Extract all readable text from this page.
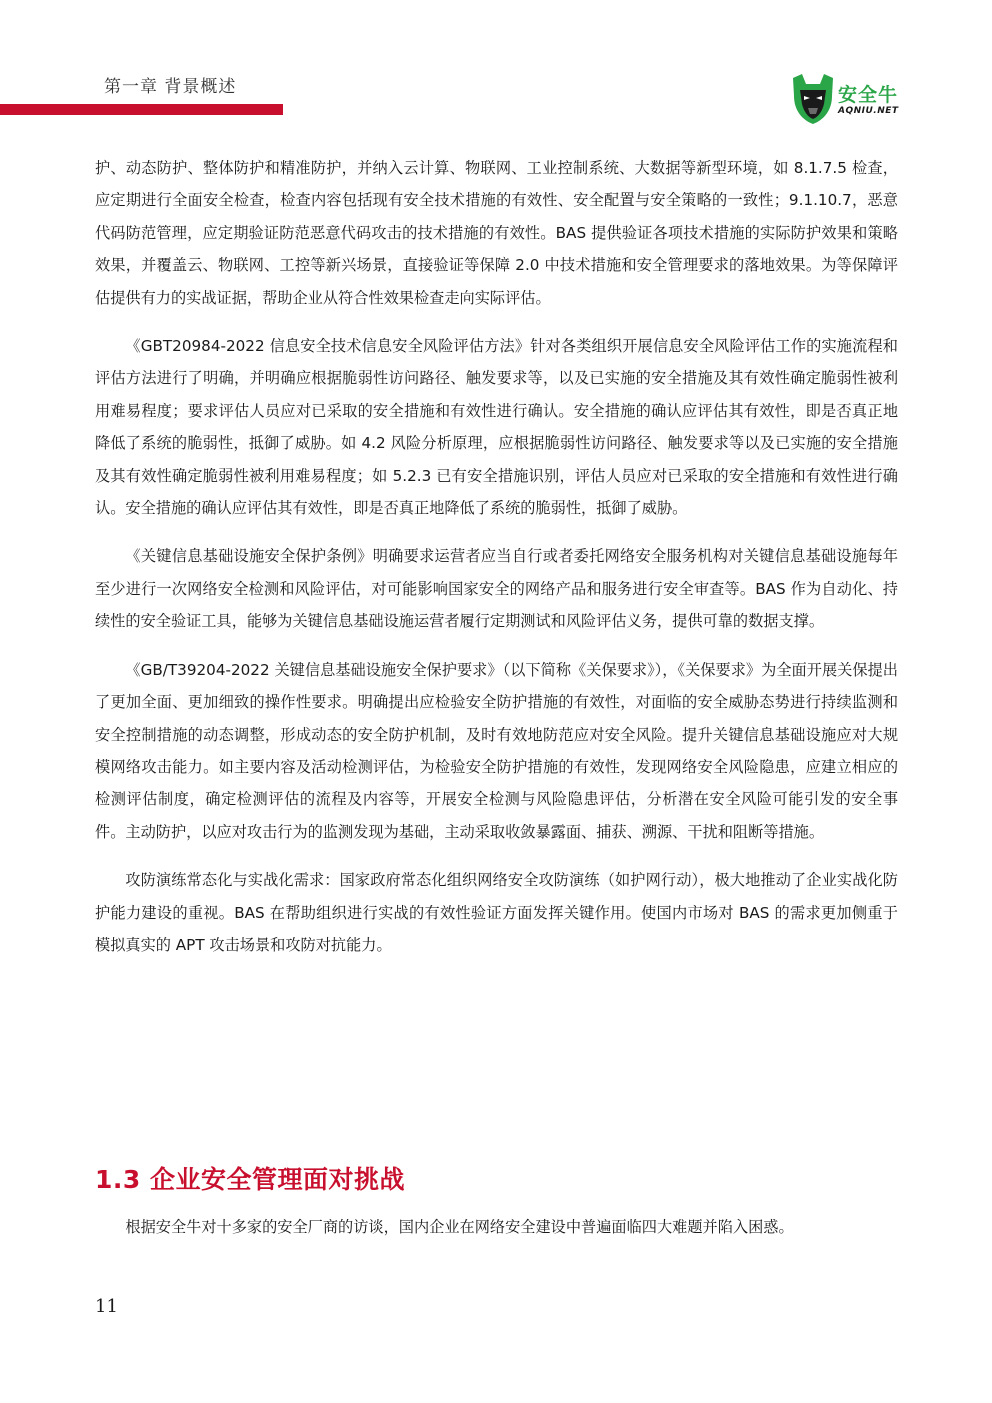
第一章 背景概述	安全牛
AQNIU.NET

护、动态防护、整体防护和精准防护，并纳入云计算、物联网、工业控制系统、大数据等新型环境，如 8.1.7.5 检查，应定期进行全面安全检查，检查内容包括现有安全技术措施的有效性、安全配置与安全策略的一致性；9.1.10.7，恶意代码防范管理，应定期验证防范恶意代码攻击的技术措施的有效性。BAS 提供验证各项技术措施的实际防护效果和策略效果，并覆盖云、物联网、工控等新兴场景，直接验证等保障 2.0 中技术措施和安全管理要求的落地效果。为等保障评估提供有力的实战证据，帮助企业从符合性效果检查走向实际评估。

《GBT20984-2022 信息安全技术信息安全风险评估方法》针对各类组织开展信息安全风险评估工作的实施流程和评估方法进行了明确，并明确应根据脆弱性访问路径、触发要求等，以及已实施的安全措施及其有效性确定脆弱性被利用难易程度；要求评估人员应对已采取的安全措施和有效性进行确认。安全措施的确认应评估其有效性，即是否真正地降低了系统的脆弱性，抵御了威胁。如 4.2 风险分析原理，应根据脆弱性访问路径、触发要求等以及已实施的安全措施及其有效性确定脆弱性被利用难易程度；如 5.2.3 已有安全措施识别，评估人员应对已采取的安全措施和有效性进行确认。安全措施的确认应评估其有效性，即是否真正地降低了系统的脆弱性，抵御了威胁。

《关键信息基础设施安全保护条例》明确要求运营者应当自行或者委托网络安全服务机构对关键信息基础设施每年至少进行一次网络安全检测和风险评估，对可能影响国家安全的网络产品和服务进行安全审查等。BAS 作为自动化、持续性的安全验证工具，能够为关键信息基础设施运营者履行定期测试和风险评估义务，提供可靠的数据支撑。

《GB/T39204-2022 关键信息基础设施安全保护要求》（以下简称《关保要求》），《关保要求》为全面开展关保提出了更加全面、更加细致的操作性要求。明确提出应检验安全防护措施的有效性，对面临的安全威胁态势进行持续监测和安全控制措施的动态调整，形成动态的安全防护机制，及时有效地防范应对安全风险。提升关键信息基础设施应对大规模网络攻击能力。如主要内容及活动检测评估，为检验安全防护措施的有效性，发现网络安全风险隐患，应建立相应的检测评估制度，确定检测评估的流程及内容等，开展安全检测与风险隐患评估，分析潜在安全风险可能引发的安全事件。主动防护，以应对攻击行为的监测发现为基础，主动采取收敛暴露面、捕获、溯源、干扰和阻断等措施。

攻防演练常态化与实战化需求：国家政府常态化组织网络安全攻防演练（如护网行动），极大地推动了企业实战化防护能力建设的重视。BAS 在帮助组织进行实战的有效性验证方面发挥关键作用。使国内市场对 BAS 的需求更加侧重于模拟真实的 APT 攻击场景和攻防对抗能力。

1.3 企业安全管理面对挑战
根据安全牛对十多家的安全厂商的访谈，国内企业在网络安全建设中普遍面临四大难题并陷入困惑。
11
